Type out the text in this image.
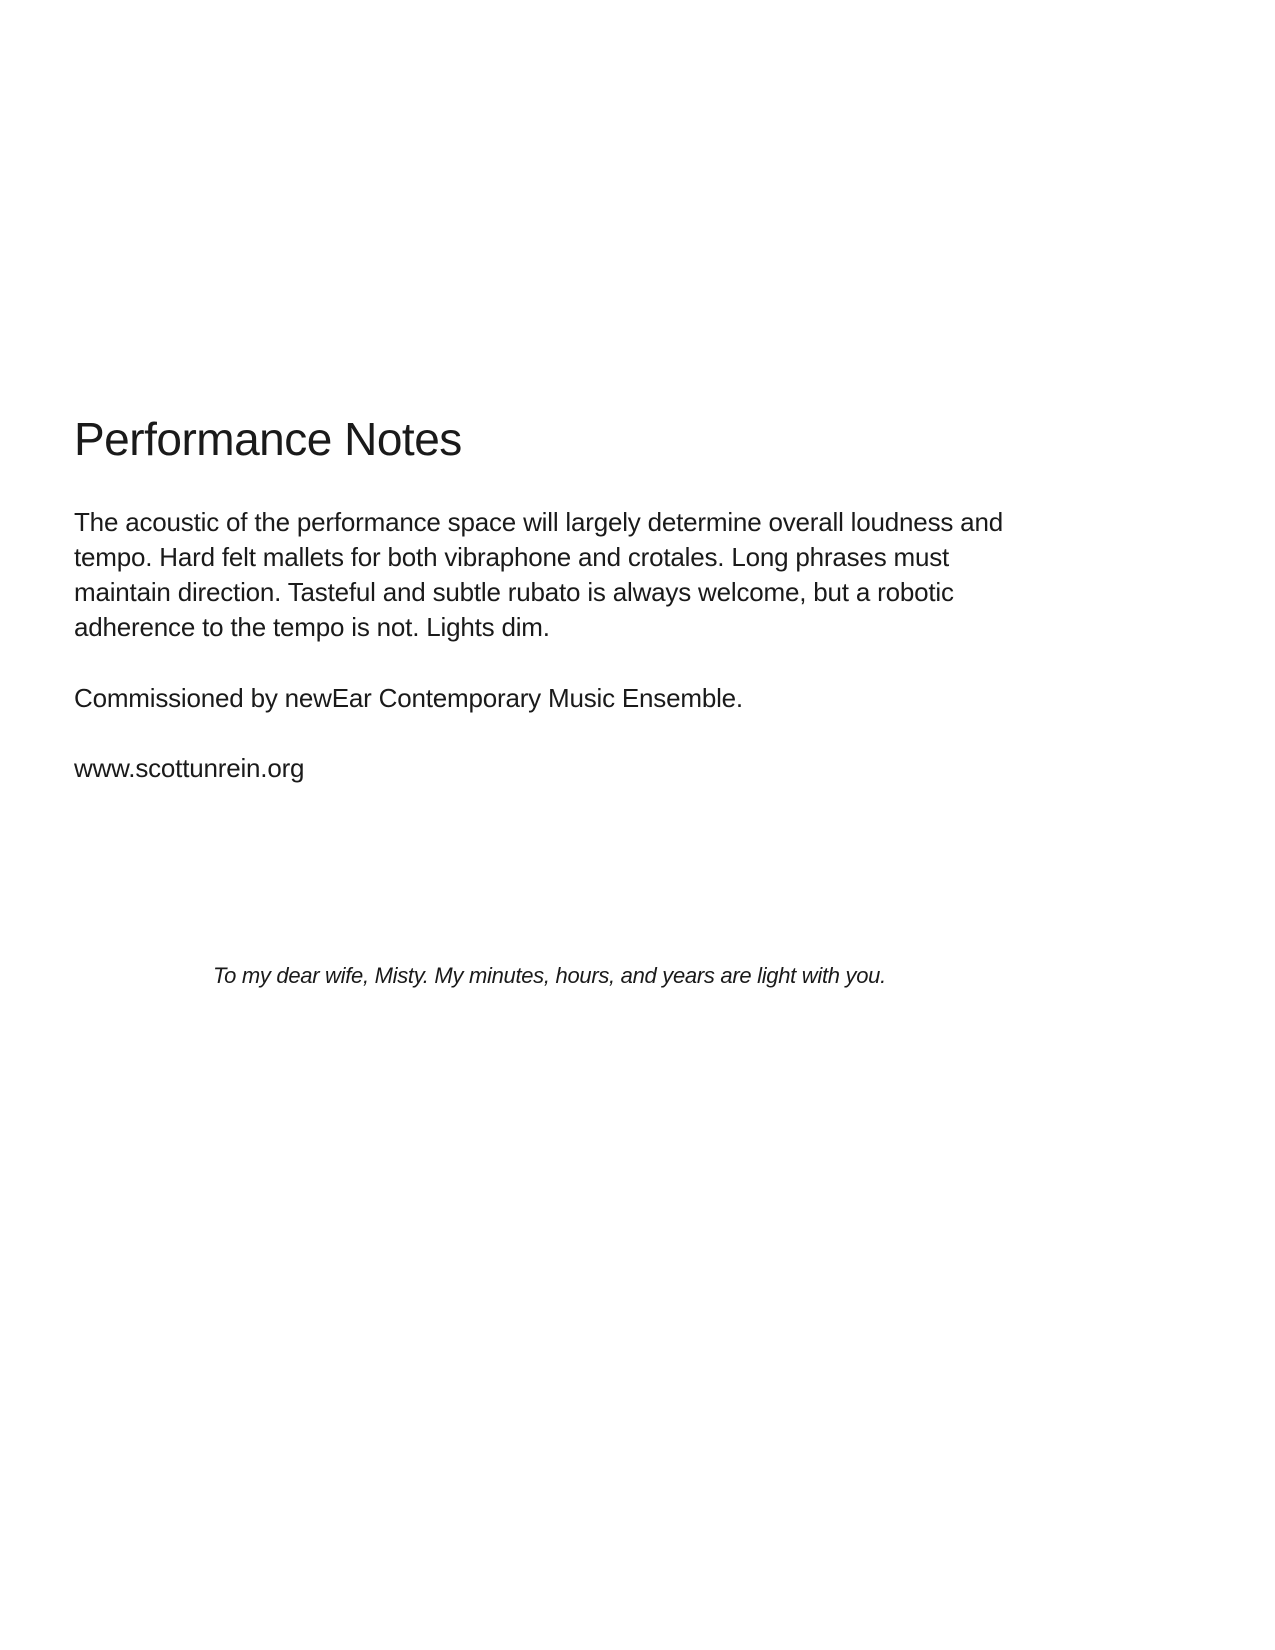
Performance Notes

The acoustic of the performance space will largely determine overall loudness and tempo. Hard felt mallets for both vibraphone and crotales. Long phrases must maintain direction. Tasteful and subtle rubato is always welcome, but a robotic adherence to the tempo is not. Lights dim.

Commissioned by newEar Contemporary Music Ensemble.

www.scottunrein.org

To my dear wife, Misty. My minutes, hours, and years are light with you.
